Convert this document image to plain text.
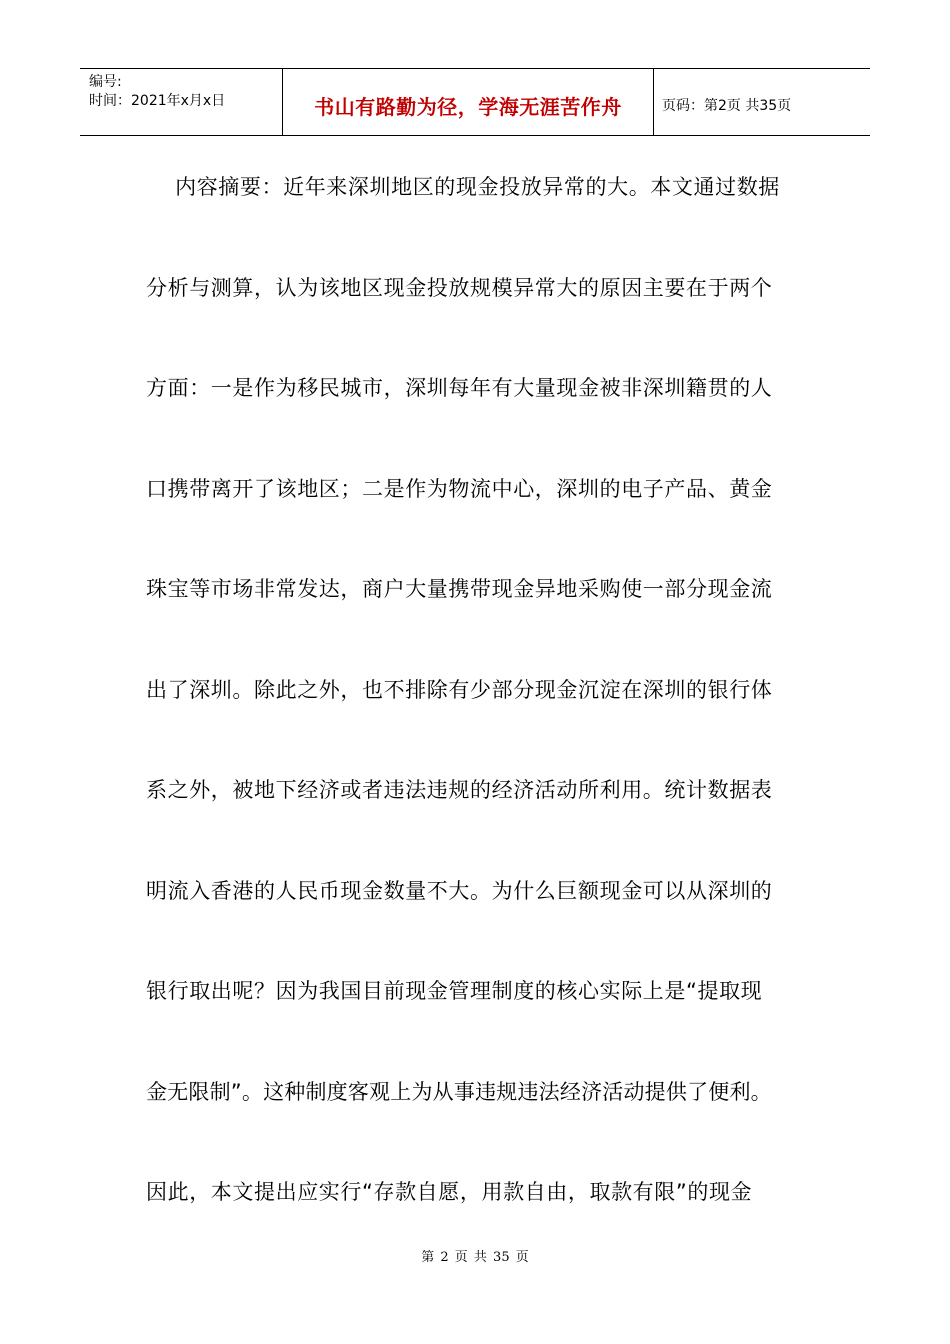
编号:
时间：2021年x月x日	书山有路勤为径，学海无涯苦作舟	页码：第2页 共35页
内容摘要：近年来深圳地区的现金投放异常的大。本文通过数据
分析与测算，认为该地区现金投放规模异常大的原因主要在于两个
方面：一是作为移民城市，深圳每年有大量现金被非深圳籍贯的人
口携带离开了该地区；二是作为物流中心，深圳的电子产品、黄金
珠宝等市场非常发达，商户大量携带现金异地采购使一部分现金流
出了深圳。除此之外，也不排除有少部分现金沉淀在深圳的银行体
系之外，被地下经济或者违法违规的经济活动所利用。统计数据表
明流入香港的人民币现金数量不大。为什么巨额现金可以从深圳的
银行取出呢？因为我国目前现金管理制度的核心实际上是“提取现
金无限制”。这种制度客观上为从事违规违法经济活动提供了便利。
因此，本文提出应实行“存款自愿，用款自由，取款有限”的现金
第 2 页 共 35 页
